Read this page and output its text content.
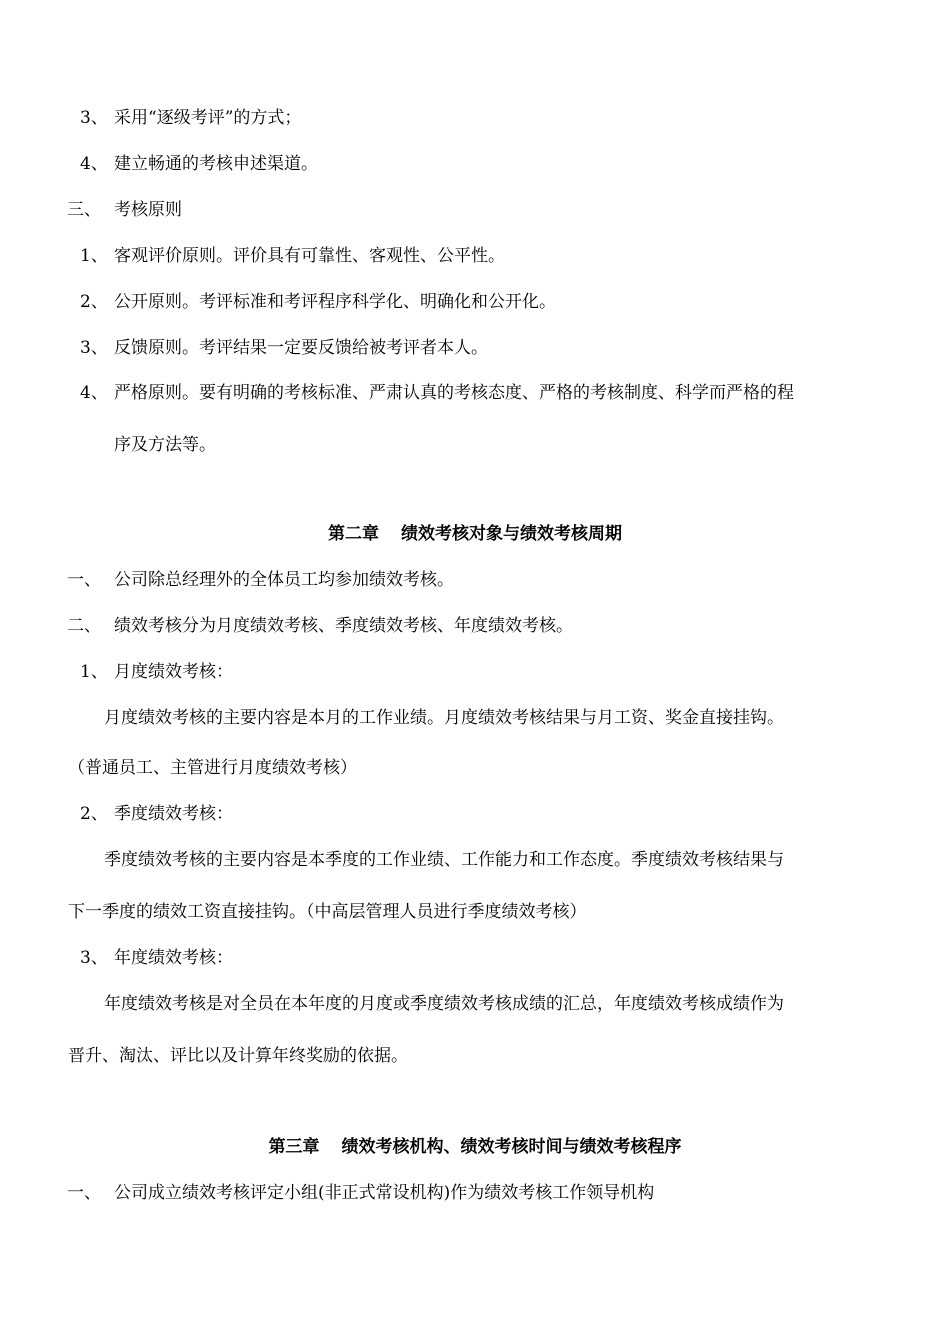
3、 采用“逐级考评”的方式；
4、 建立畅通的考核申述渠道。
三、 考核原则
1、 客观评价原则。评价具有可靠性、客观性、公平性。
2、 公开原则。考评标准和考评程序科学化、明确化和公开化。
3、 反馈原则。考评结果一定要反馈给被考评者本人。
4、 严格原则。要有明确的考核标准、严肃认真的考核态度、严格的考核制度、科学而严格的程
序及方法等。
第二章 绩效考核对象与绩效考核周期
一、 公司除总经理外的全体员工均参加绩效考核。
二、 绩效考核分为月度绩效考核、季度绩效考核、年度绩效考核。
1、 月度绩效考核：
月度绩效考核的主要内容是本月的工作业绩。月度绩效考核结果与月工资、奖金直接挂钩。
（普通员工、主管进行月度绩效考核）
2、 季度绩效考核：
季度绩效考核的主要内容是本季度的工作业绩、工作能力和工作态度。季度绩效考核结果与
下一季度的绩效工资直接挂钩。（中高层管理人员进行季度绩效考核）
3、 年度绩效考核：
年度绩效考核是对全员在本年度的月度或季度绩效考核成绩的汇总，年度绩效考核成绩作为
晋升、淘汰、评比以及计算年终奖励的依据。
第三章 绩效考核机构、绩效考核时间与绩效考核程序
一、 公司成立绩效考核评定小组(非正式常设机构)作为绩效考核工作领导机构
